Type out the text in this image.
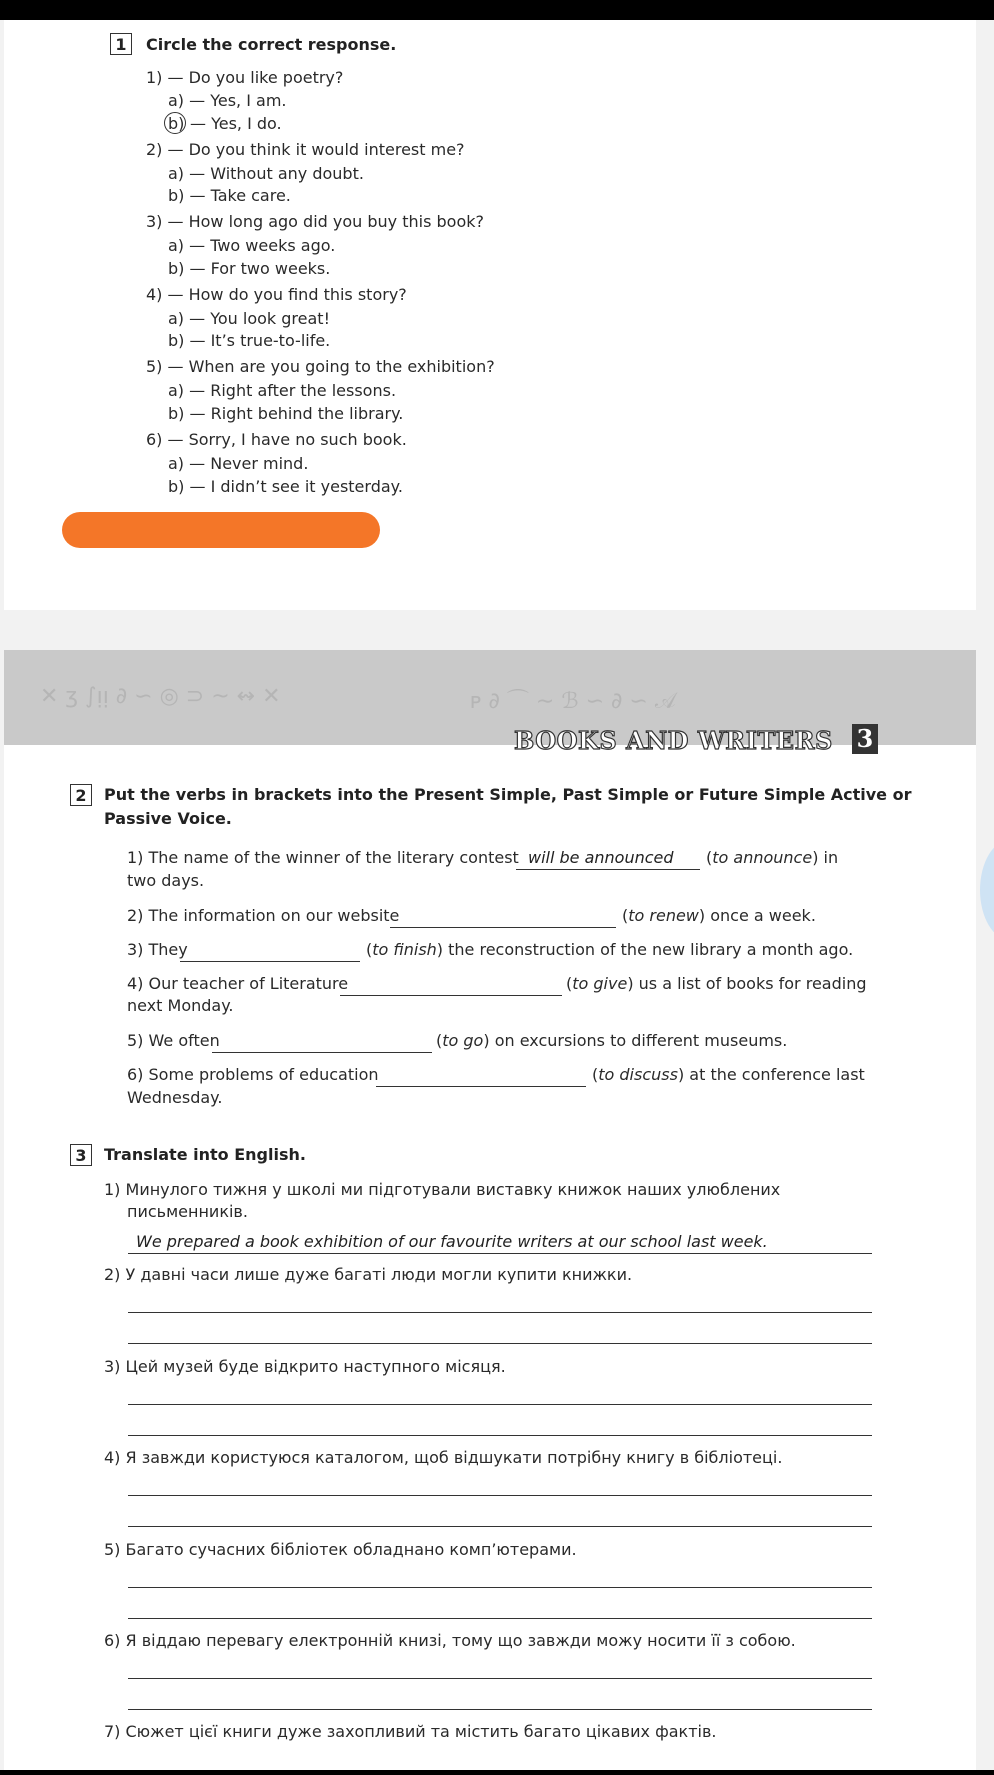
1	Circle the correct response.
1) — Do you like poetry?
a) — Yes, I am.
b) — Yes, I do.
2) — Do you think it would interest me?
a) — Without any doubt.
b) — Take care.
3) — How long ago did you buy this book?
a) — Two weeks ago.
b) — For two weeks.
4) — How do you find this story?
a) — You look great!
b) — It’s true-to-life.
5) — When are you going to the exhibition?
a) — Right after the lessons.
b) — Right behind the library.
6) — Sorry, I have no such book.
a) — Never mind.
b) — I didn’t see it yesterday.
✕ ʒ ∫ᴉᴉ ∂ ∽ ◎ ⊃ ~ ↭ ✕	ᴘ ∂ ⌒ ∼ ℬ ∽ ∂ ∽ 𝒜
BOOKS AND WRITERS 3
2	Put the verbs in brackets into the Present Simple, Past Simple or Future Simple Active or
Passive Voice.
1) The name of the winner of the literary contest will be announced (to announce) in
two days.
2) The information on our website	(to renew) once a week.
3) They	(to finish) the reconstruction of the new library a month ago.
4) Our teacher of Literature	(to give) us a list of books for reading
next Monday.
5) We often	(to go) on excursions to different museums.
6) Some problems of education	(to discuss) at the conference last
Wednesday.
3	Translate into English.
1) Минулого тижня у школі ми підготували виставку книжок наших улюблених
письменників.
We prepared a book exhibition of our favourite writers at our school last week.
2) У давні часи лише дуже багаті люди могли купити книжки.
3) Цей музей буде відкрито наступного місяця.
4) Я завжди користуюся каталогом, щоб відшукати потрібну книгу в бібліотеці.
5) Багато сучасних бібліотек обладнано комп’ютерами.
6) Я віддаю перевагу електронній книзі, тому що завжди можу носити її з собою.
7) Сюжет цієї книги дуже захопливий та містить багато цікавих фактів.
